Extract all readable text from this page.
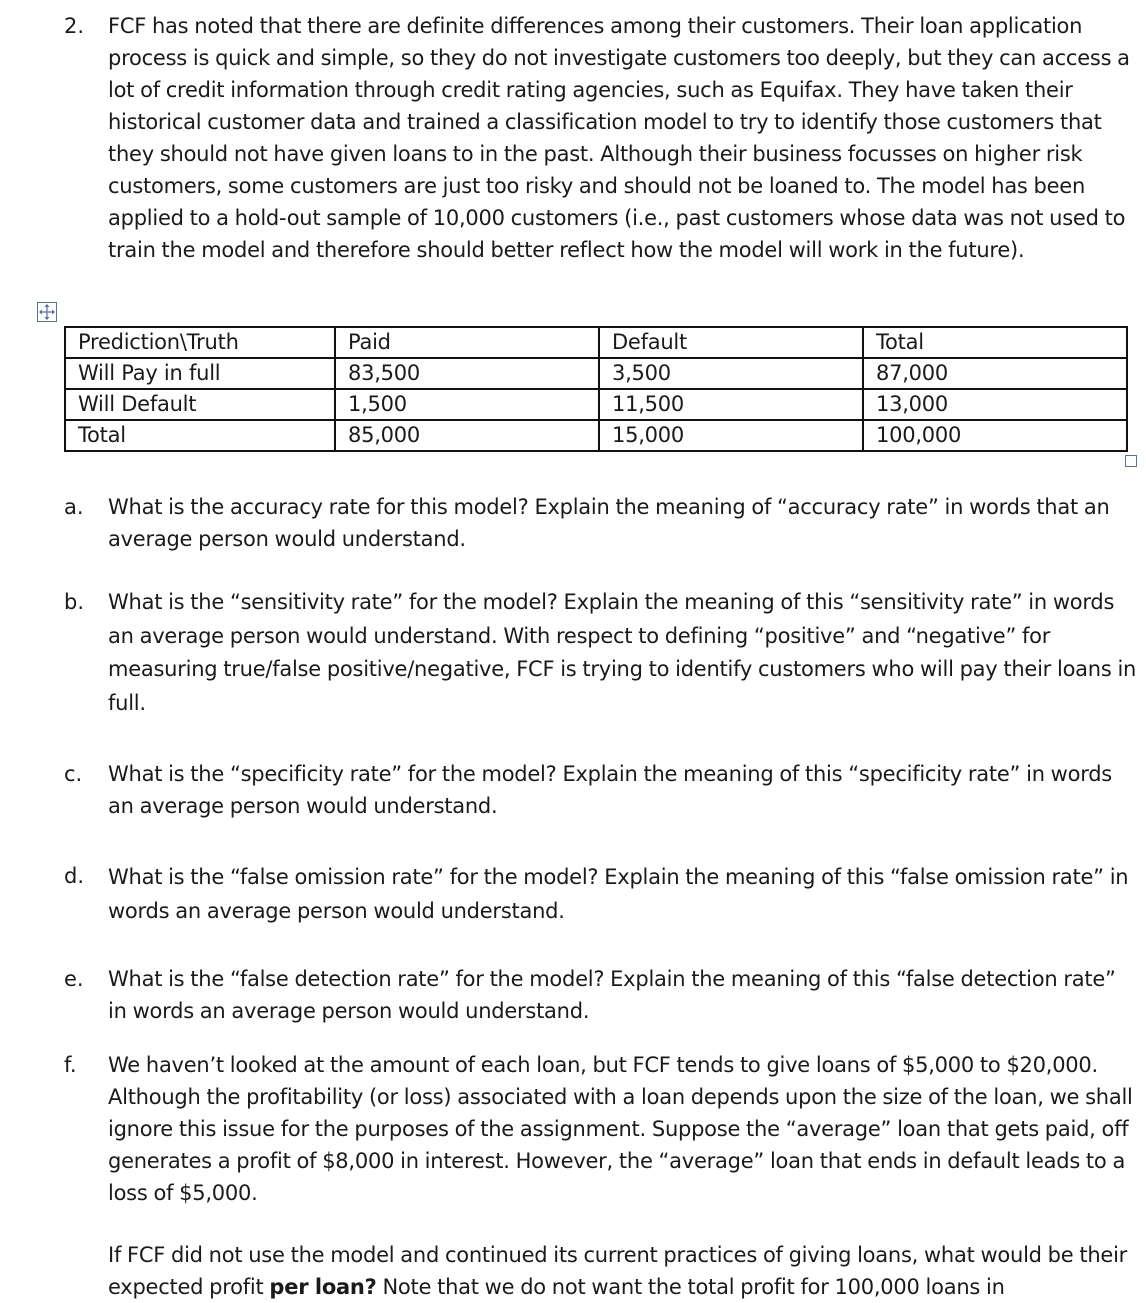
2. FCF has noted that there are definite differences among their customers. Their loan application process is quick and simple, so they do not investigate customers too deeply, but they can access a lot of credit information through credit rating agencies, such as Equifax. They have taken their historical customer data and trained a classification model to try to identify those customers that they should not have given loans to in the past. Although their business focusses on higher risk customers, some customers are just too risky and should not be loaned to. The model has been applied to a hold-out sample of 10,000 customers (i.e., past customers whose data was not used to train the model and therefore should better reflect how the model will work in the future).
Prediction\Truth	Paid	Default	Total
Will Pay in full	83,500	3,500	87,000
Will Default	1,500	11,500	13,000
Total	85,000	15,000	100,000
a. What is the accuracy rate for this model? Explain the meaning of “accuracy rate” in words that an average person would understand.
b. What is the “sensitivity rate” for the model? Explain the meaning of this “sensitivity rate” in words an average person would understand. With respect to defining “positive” and “negative” for measuring true/false positive/negative, FCF is trying to identify customers who will pay their loans in full.
c. What is the “specificity rate” for the model? Explain the meaning of this “specificity rate” in words an average person would understand.
d. What is the “false omission rate” for the model? Explain the meaning of this “false omission rate” in words an average person would understand.
e. What is the “false detection rate” for the model? Explain the meaning of this “false detection rate” in words an average person would understand.
f. We haven’t looked at the amount of each loan, but FCF tends to give loans of $5,000 to $20,000. Although the profitability (or loss) associated with a loan depends upon the size of the loan, we shall ignore this issue for the purposes of the assignment. Suppose the “average” loan that gets paid, off generates a profit of $8,000 in interest. However, the “average” loan that ends in default leads to a loss of $5,000.
If FCF did not use the model and continued its current practices of giving loans, what would be their expected profit per loan? Note that we do not want the total profit for 100,000 loans in
